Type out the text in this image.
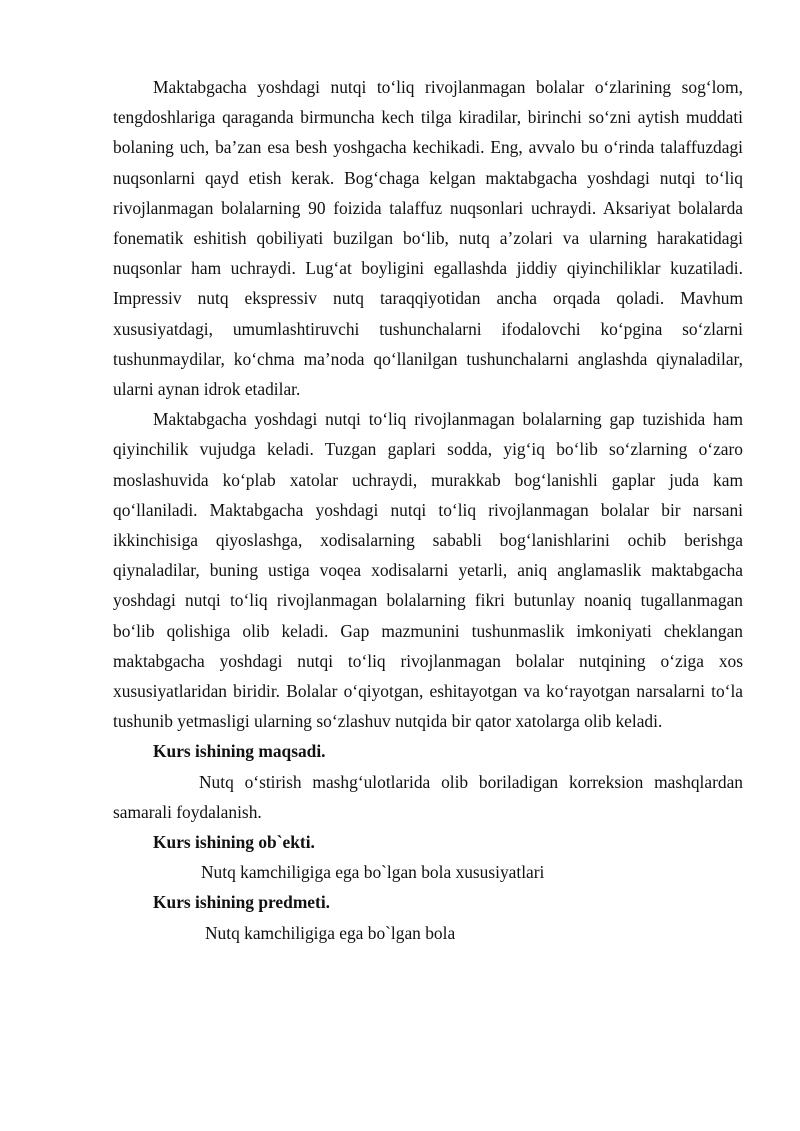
Maktabgacha yoshdagi nutqi to‘liq rivojlanmagan bolalar o‘zlarining sog‘lom, tengdoshlariga qaraganda birmuncha kech tilga kiradilar, birinchi so‘zni aytish muddati bolaning uch, ba’zan esa besh yoshgacha kechikadi. Eng, avvalo bu o‘rinda talaffuzdagi nuqsonlarni qayd etish kerak. Bog‘chaga kelgan maktabgacha yoshdagi nutqi to‘liq rivojlanmagan bolalarning 90 foizida talaffuz nuqsonlari uchraydi. Aksariyat bolalarda fonematik eshitish qobiliyati buzilgan bo‘lib, nutq a’zolari va ularning harakatidagi nuqsonlar ham uchraydi. Lug‘at boyligini egallashda jiddiy qiyinchiliklar kuzatiladi. Impressiv nutq ekspressiv nutq taraqqiyotidan ancha orqada qoladi. Mavhum xususiyatdagi, umumlashtiruvchi tushunchalarni ifodalovchi ko‘pgina so‘zlarni tushunmaydilar, ko‘chma ma’noda qo‘llanilgan tushunchalarni anglashda qiynaladilar, ularni aynan idrok etadilar.

Maktabgacha yoshdagi nutqi to‘liq rivojlanmagan bolalarning gap tuzishida ham qiyinchilik vujudga keladi. Tuzgan gaplari sodda, yig‘iq bo‘lib so‘zlarning o‘zaro moslashuvida ko‘plab xatolar uchraydi, murakkab bog‘lanishli gaplar juda kam qo‘llaniladi. Maktabgacha yoshdagi nutqi to‘liq rivojlanmagan bolalar bir narsani ikkinchisiga qiyoslashga, xodisalarning sababli bog‘lanishlarini ochib berishga qiynaladilar, buning ustiga voqea xodisalarni yetarli, aniq anglamaslik maktabgacha yoshdagi nutqi to‘liq rivojlanmagan bolalarning fikri butunlay noaniq tugallanmagan bo‘lib qolishiga olib keladi. Gap mazmunini tushunmaslik imkoniyati cheklangan maktabgacha yoshdagi nutqi to‘liq rivojlanmagan bolalar nutqining o‘ziga xos xususiyatlaridan biridir. Bolalar o‘qiyotgan, eshitayotgan va ko‘rayotgan narsalarni to‘la tushunib yetmasligi ularning so‘zlashuv nutqida bir qator xatolarga olib keladi.

Kurs ishining maqsadi.

Nutq o‘stirish mashg‘ulotlarida olib boriladigan korreksion mashqlardan samarali foydalanish.

Kurs ishining ob`ekti.

Nutq kamchiligiga ega bo`lgan bola xususiyatlari

Kurs ishining predmeti.

Nutq kamchiligiga ega bo`lgan bola
